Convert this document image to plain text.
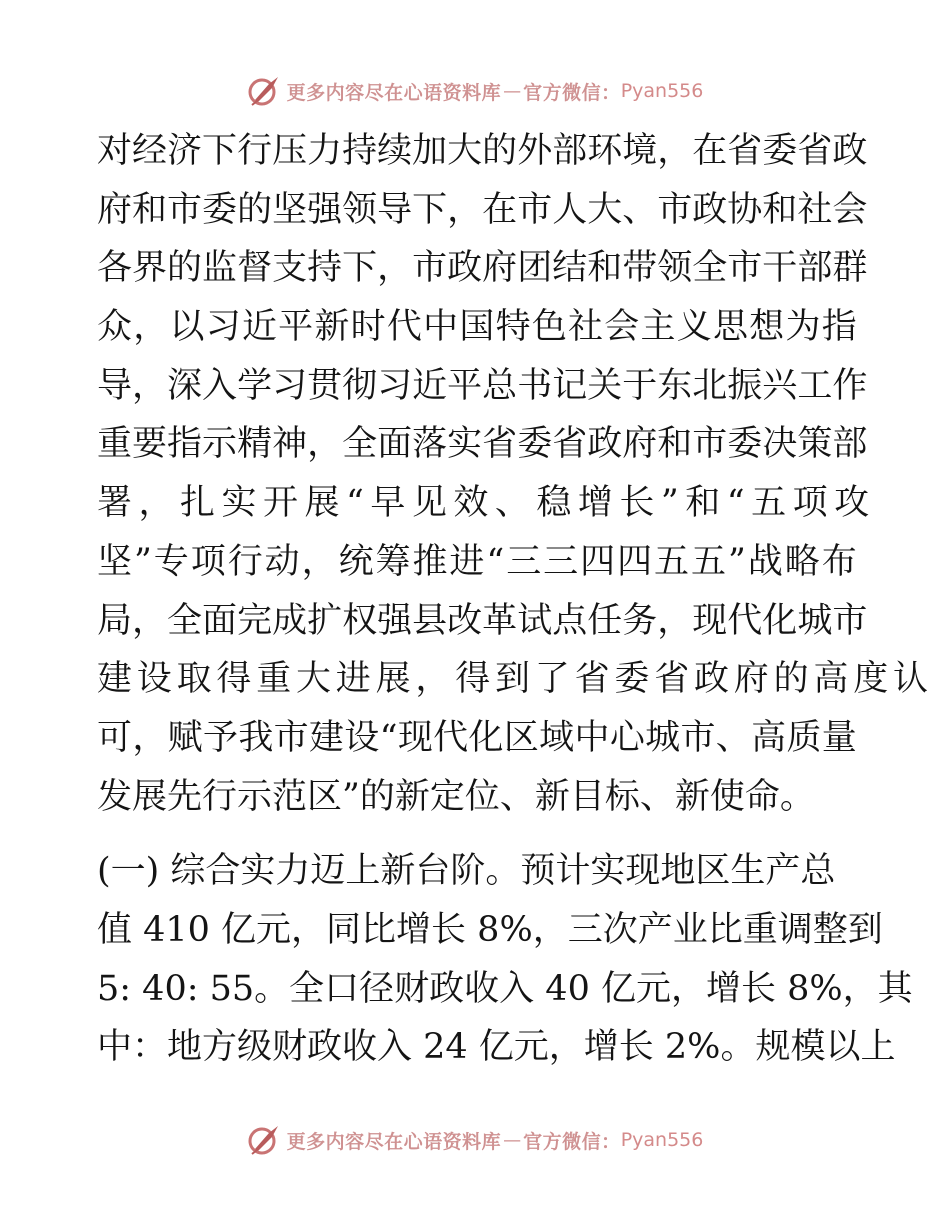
更多内容尽在心语资料库 — 官方微信： Pyan556
对 经 济 下 行 压 力 持 续 加 大 的 外 部 环 境 ， 在 省 委 省 政
府 和 市 委 的 坚 强 领 导 下 ， 在 市 人 大 、 市 政 协 和 社 会
各 界 的 监 督 支 持 下 ， 市 政 府 团 结 和 带 领 全 市 干 部 群
众 ， 以 习 近 平 新 时 代 中 国 特 色 社 会 主 义 思 想 为 指
导 ， 深 入 学 习 贯 彻 习 近 平 总 书 记 关 于 东 北 振 兴 工 作
重 要 指 示 精 神 ， 全 面 落 实 省 委 省 政 府 和 市 委 决 策 部
署，扎实开展“早见效、稳增长”和“五项攻
坚 ” 专 项 行 动 ， 统 筹 推 进 “ 三 三 四 四 五 五 ” 战 略 布
局 ， 全 面 完 成 扩 权 强 县 改 革 试 点 任 务 ， 现 代 化 城 市
建设取得重大进展，得到了省委省政府的高度认
可 ， 赋 予 我 市 建 设 “ 现 代 化 区 域 中 心 城 市 、 高 质 量
发展先行示范区”的新定位、新目标、新使命。
(一) 综合实力迈上新台阶。预计实现地区生产总
值 410 亿元，同比增长 8%，三次产业比重调整到
5: 40: 55。全口径财政收入 40 亿元，增长 8%，其
中：地方级财政收入 24 亿元，增长 2%。规模以上
更多内容尽在心语资料库 — 官方微信： Pyan556
